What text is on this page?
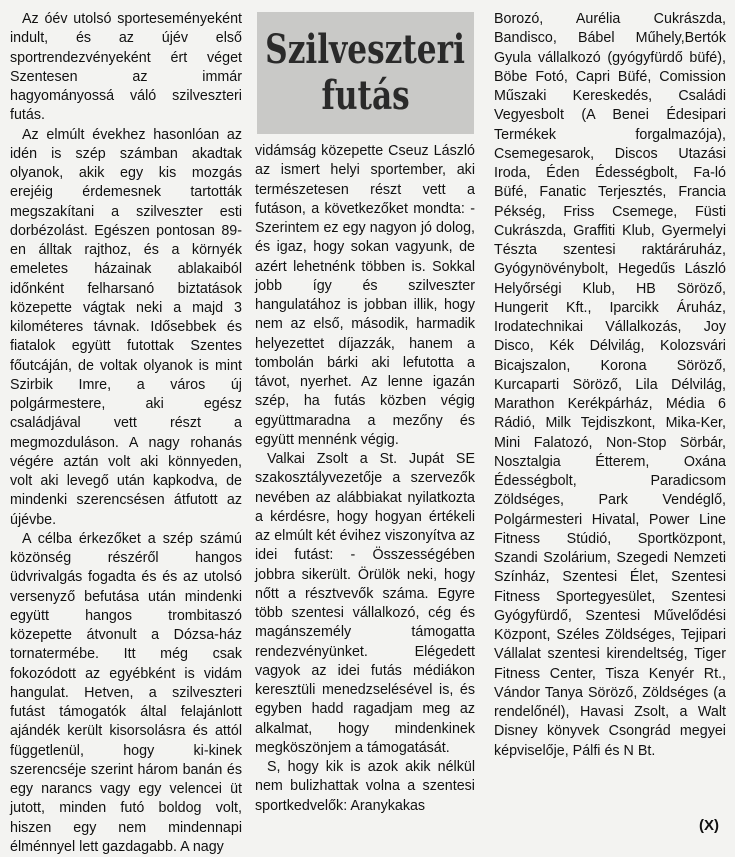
Az óév utolsó sporteseményeként indult, és az újév első sportrendezvényeként ért véget Szentesen az immár hagyományossá váló szilveszteri futás.

Az elmúlt évekhez hasonlóan az idén is szép számban akadtak olyanok, akik egy kis mozgás erejéig érdemesnek tartották megszakítani a szilveszter esti dorbézolást. Egészen pontosan 89-en álltak rajthoz, és a környék emeletes házainak ablakaiból időnként felharsanó biztatások közepette vágtak neki a majd 3 kilométeres távnak. Idősebbek és fiatalok együtt futottak Szentes főutcáján, de voltak olyanok is mint Szirbik Imre, a város új polgármestere, aki egész családjával vett részt a megmozduláson. A nagy rohanás végére aztán volt aki könnyeden, volt aki levegő után kapkodva, de mindenki szerencsésen átfutott az újévbe.

A célba érkezőket a szép számú közönség részéről hangos üdvrivalgás fogadta és és az utolsó versenyző befutása után mindenki együtt hangos trombitaszó közepette átvonult a Dózsa-ház tornatermébe. Itt még csak fokozódott az egyébként is vidám hangulat. Hetven, a szilveszteri futást támogatók által felajánlott ajándék került kisorsolásra és attól függetlenül, hogy ki-kinek szerencséje szerint három banán és egy narancs vagy egy velencei üt jutott, minden futó boldog volt, hiszen egy nem mindennapi élménnyel lett gazdagabb. A nagy

Szilveszteri
futás

vidámság közepette Cseuz László az ismert helyi sportember, aki természetesen részt vett a futáson, a következőket mondta: - Szerintem ez egy nagyon jó dolog, és igaz, hogy sokan vagyunk, de azért lehetnénk többen is. Sokkal jobb így és szilveszter hangulatához is jobban illik, hogy nem az első, második, harmadik helyezettet díjazzák, hanem a tombolán bárki aki lefutotta a távot, nyerhet. Az lenne igazán szép, ha futás közben végig együttmaradna a mezőny és együtt mennénk végig.

Valkai Zsolt a St. Jupát SE szakosztályvezetője a szervezők nevében az alábbiakat nyilatkozta a kérdésre, hogy hogyan értékeli az elmúlt két évihez viszonyítva az idei futást: - Összességében jobbra sikerült. Örülök neki, hogy nőtt a résztvevők száma. Egyre több szentesi vállalkozó, cég és magánszemély támogatta rendezvényünket. Elégedett vagyok az idei futás médiákon keresztüli menedzselésével is, és egyben hadd ragadjam meg az alkalmat, hogy mindenkinek megköszönjem a támogatását.

S, hogy kik is azok akik nélkül nem bulizhattak volna a szentesi sportkedvelők: Aranykakas

Borozó, Aurélia Cukrászda, Bandisco, Bábel Műhely,Bertók Gyula vállalkozó (gyógyfürdő büfé), Böbe Fotó, Capri Büfé, Comission Műszaki Kereskedés, Családi Vegyesbolt (A Benei Édesipari Termékek forgalmazója), Csemegesarok, Discos Utazási Iroda, Éden Édességbolt, Fa-ló Büfé, Fanatic Terjesztés, Francia Pékség, Friss Csemege, Füsti Cukrászda, Graffiti Klub, Gyermelyi Tészta szentesi raktáráruház, Gyógynövénybolt, Hegedűs László Helyőrségi Klub, HB Söröző, Hungerit Kft., Iparcikk Áruház, Irodatechnikai Vállalkozás, Joy Disco, Kék Délvilág, Kolozsvári Bicajszalon, Korona Söröző, Kurcaparti Söröző, Lila Délvilág, Marathon Kerékpárház, Média 6 Rádió, Milk Tejdiszkont, Mika-Ker, Mini Falatozó, Non-Stop Sörbár, Nosztalgia Étterem, Oxána Édességbolt, Paradicsom Zöldséges, Park Vendéglő, Polgármesteri Hivatal, Power Line Fitness Stúdió, Sportközpont, Szandi Szolárium, Szegedi Nemzeti Színház, Szentesi Élet, Szentesi Fitness Sportegyesület, Szentesi Gyógyfürdő, Szentesi Művelődési Központ, Széles Zöldséges, Tejipari Vállalat szentesi kirendeltség, Tiger Fitness Center, Tisza Kenyér Rt., Vándor Tanya Söröző, Zöldséges (a rendelőnél), Havasi Zsolt, a Walt Disney könyvek Csongrád megyei képviselője, Pálfi és N Bt.

(X)
